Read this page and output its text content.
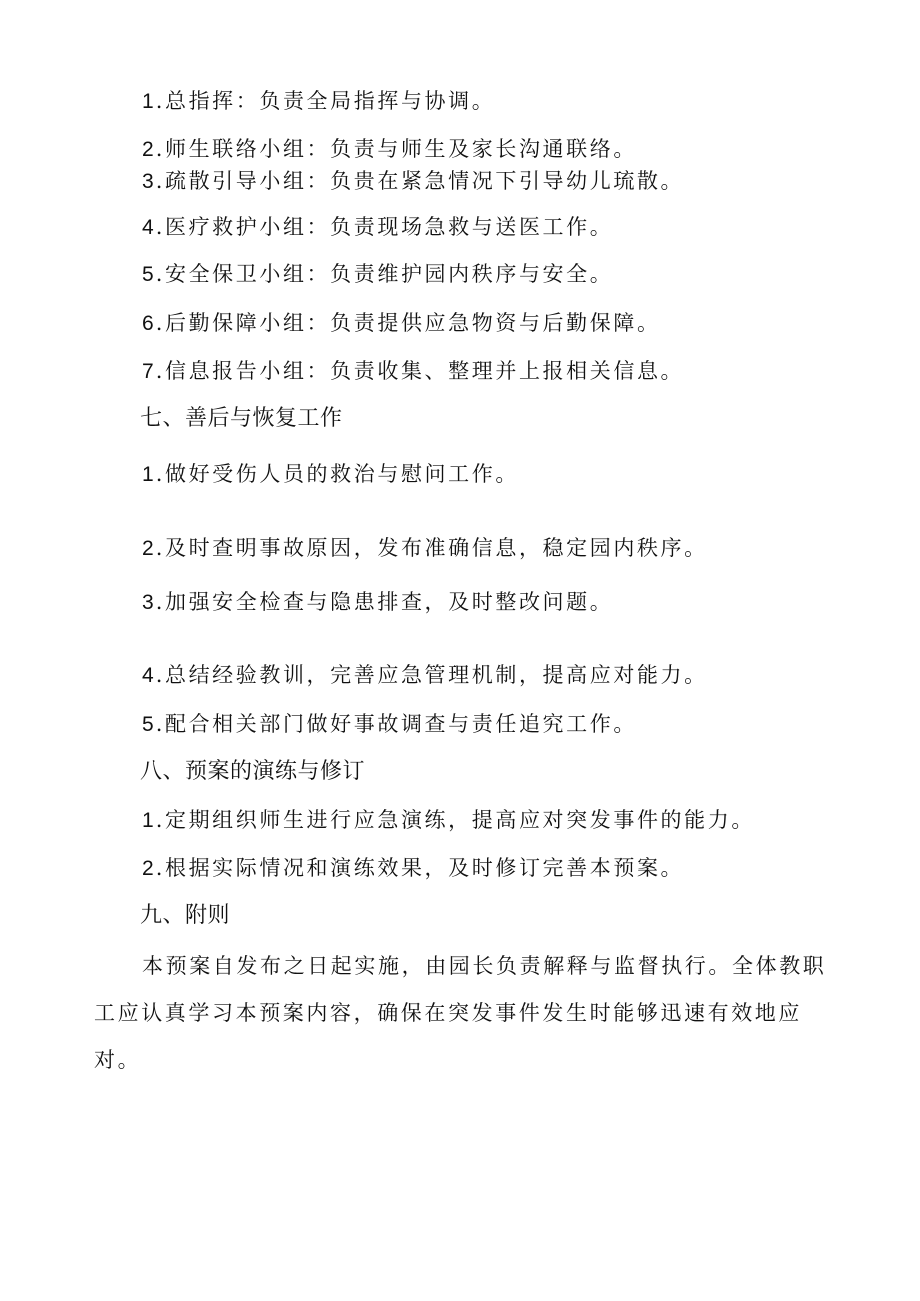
1.总指挥：负责全局指挥与协调。
2.师生联络小组：负责与师生及家长沟通联络。
3.疏散引导小组：负贵在紧急情况下引导幼儿琉散。
4.医疗救护小组：负责现场急救与送医工作。
5.安全保卫小组：负责维护园内秩序与安全。
6.后勤保障小组：负责提供应急物资与后勤保障。
7.信息报告小组：负责收集、整理并上报相关信息。
七、善后与恢复工作
1.做好受伤人员的救治与慰问工作。
2.及时查明事故原因，发布准确信息，稳定园内秩序。
3.加强安全检查与隐患排查，及时整改问题。
4.总结经验教训，完善应急管理机制，提高应对能力。
5.配合相关部门做好事故调查与责任追究工作。
八、预案的演练与修订
1.定期组织师生进行应急演练，提高应对突发事件的能力。
2.根据实际情况和演练效果，及时修订完善本预案。
九、附则
本预案自发布之日起实施，由园长负责解释与监督执行。全体教职
工应认真学习本预案内容，确保在突发事件发生时能够迅速有效地应
对。
